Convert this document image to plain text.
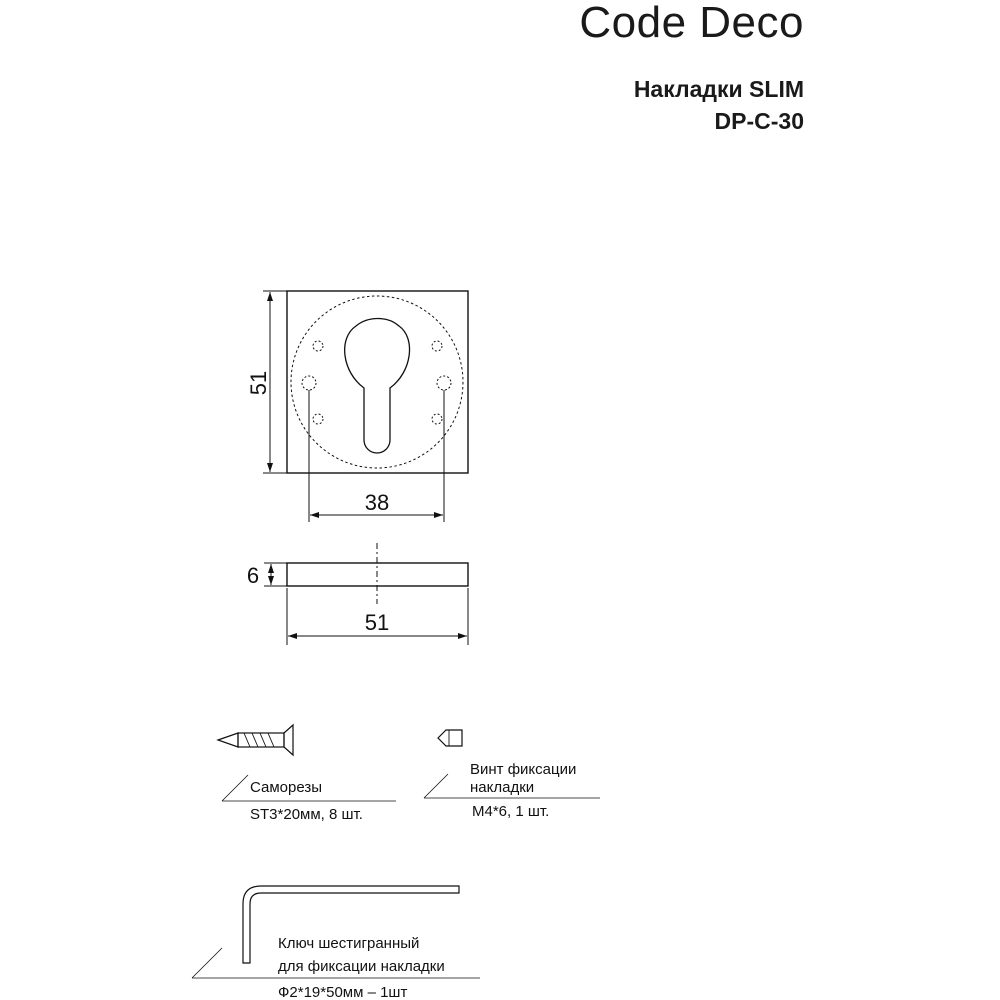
Code Deco
Накладки SLIM
DP-C-30
51
38
6
51
Саморезы
ST3*20мм, 8 шт.
Винт фиксации
накладки
M4*6, 1 шт.
Ключ шестигранный
для фиксации накладки
Ф2*19*50мм – 1шт
